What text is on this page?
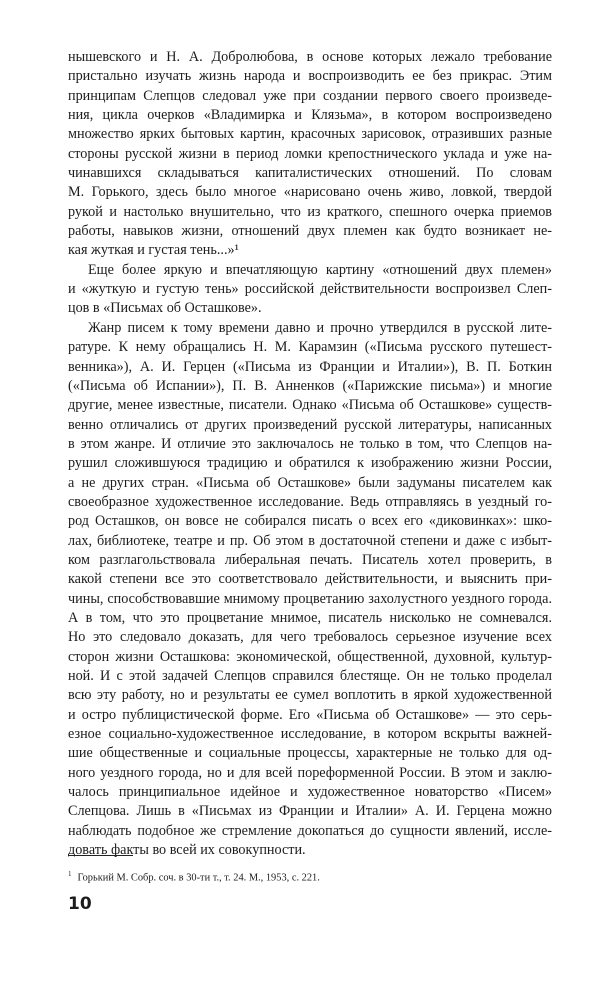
нышевского и Н. А. Добролюбова, в основе которых лежало требование
пристально изучать жизнь народа и воспроизводить ее без прикрас. Этим
принципам Слепцов следовал уже при создании первого своего произведе-
ния, цикла очерков «Владимирка и Клязьма», в котором воспроизведено
множество ярких бытовых картин, красочных зарисовок, отразивших разные
стороны русской жизни в период ломки крепостнического уклада и уже на-
чинавшихся складываться капиталистических отношений. По словам
М. Горького, здесь было многое «нарисовано очень живо, ловкой, твердой
рукой и настолько внушительно, что из краткого, спешного очерка приемов
работы, навыков жизни, отношений двух племен как будто возникает не-
кая жуткая и густая тень...»¹

Еще более яркую и впечатляющую картину «отношений двух племен»
и «жуткую и густую тень» российской действительности воспроизвел Слеп-
цов в «Письмах об Осташкове».

Жанр писем к тому времени давно и прочно утвердился в русской лите-
ратуре. К нему обращались Н. М. Карамзин («Письма русского путешест-
венника»), А. И. Герцен («Письма из Франции и Италии»), В. П. Боткин
(«Письма об Испании»), П. В. Анненков («Парижские письма») и многие
другие, менее известные, писатели. Однако «Письма об Осташкове» существ-
венно отличались от других произведений русской литературы, написанных
в этом жанре. И отличие это заключалось не только в том, что Слепцов на-
рушил сложившуюся традицию и обратился к изображению жизни России,
а не других стран. «Письма об Осташкове» были задуманы писателем как
своеобразное художественное исследование. Ведь отправляясь в уездный го-
род Осташков, он вовсе не собирался писать о всех его «диковинках»: шко-
лах, библиотеке, театре и пр. Об этом в достаточной степени и даже с избыт-
ком разглагольствовала либеральная печать. Писатель хотел проверить, в
какой степени все это соответствовало действительности, и выяснить при-
чины, способствовавшие мнимому процветанию захолустного уездного города.
А в том, что это процветание мнимое, писатель нисколько не сомневался.
Но это следовало доказать, для чего требовалось серьезное изучение всех
сторон жизни Осташкова: экономической, общественной, духовной, культур-
ной. И с этой задачей Слепцов справился блестяще. Он не только проделал
всю эту работу, но и результаты ее сумел воплотить в яркой художественной
и остро публицистической форме. Его «Письма об Осташкове» — это серь-
езное социально-художественное исследование, в котором вскрыты важней-
шие общественные и социальные процессы, характерные не только для од-
ного уездного города, но и для всей пореформенной России. В этом и заклю-
чалось принципиальное идейное и художественное новаторство «Писем»
Слепцова. Лишь в «Письмах из Франции и Италии» А. И. Герцена можно
наблюдать подобное же стремление докопаться до сущности явлений, иссле-
довать факты во всей их совокупности.

$^1$ Горький М. Собр. соч. в 30-ти т., т. 24. М., 1953, с. 221.
10
